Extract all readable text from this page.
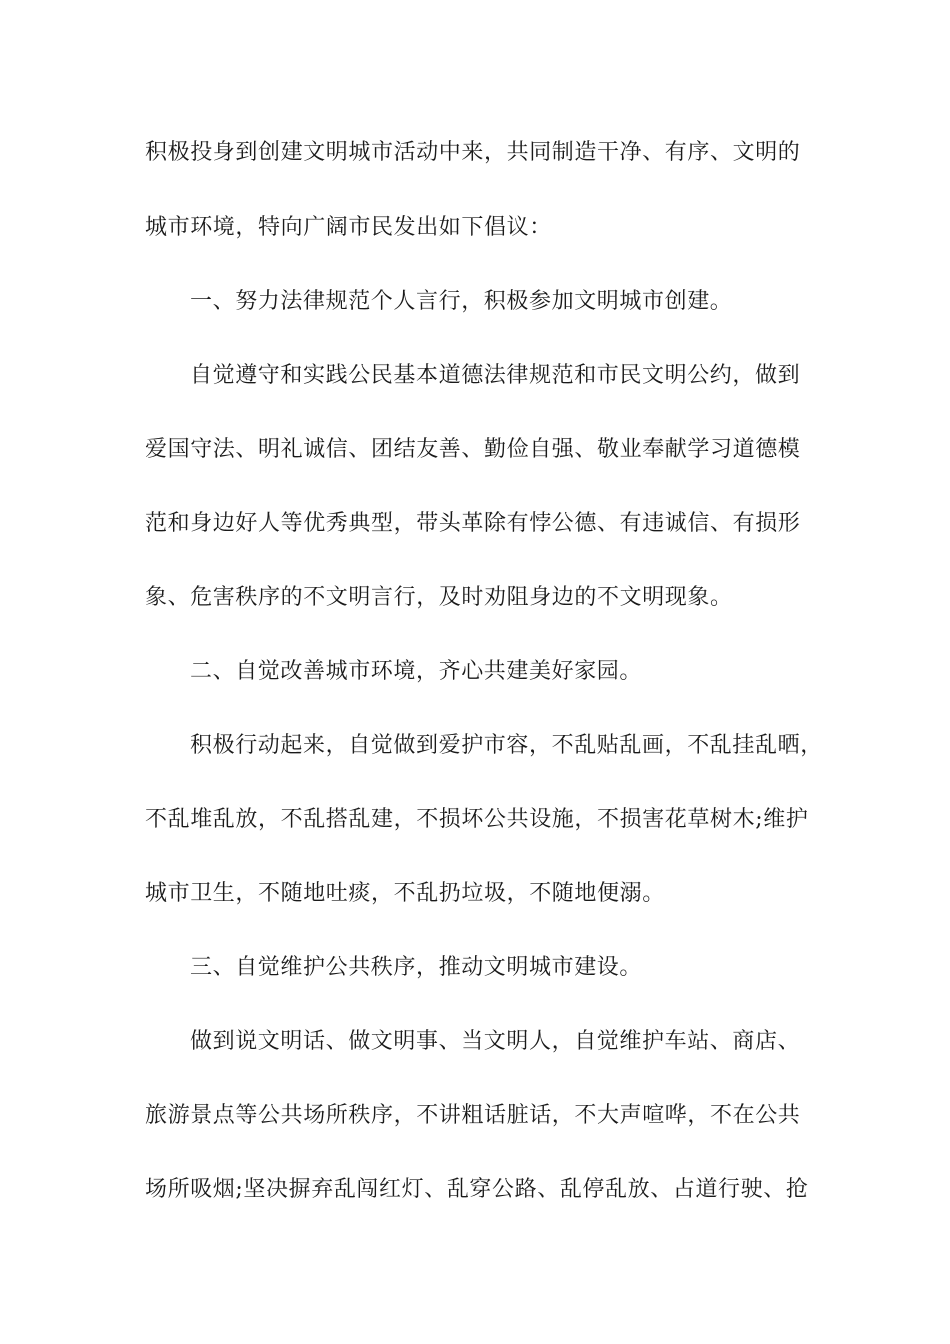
积极投身到创建文明城市活动中来，共同制造干净、有序、文明的
城市环境，特向广阔市民发出如下倡议：
一、努力法律规范个人言行，积极参加文明城市创建。
自觉遵守和实践公民基本道德法律规范和市民文明公约，做到
爱国守法、明礼诚信、团结友善、勤俭自强、敬业奉献学习道德模
范和身边好人等优秀典型，带头革除有悖公德、有违诚信、有损形
象、危害秩序的不文明言行，及时劝阻身边的不文明现象。
二、自觉改善城市环境，齐心共建美好家园。
积极行动起来，自觉做到爱护市容，不乱贴乱画，不乱挂乱晒，
不乱堆乱放，不乱搭乱建，不损坏公共设施，不损害花草树木;维护
城市卫生，不随地吐痰，不乱扔垃圾，不随地便溺。
三、自觉维护公共秩序，推动文明城市建设。
做到说文明话、做文明事、当文明人，自觉维护车站、商店、
旅游景点等公共场所秩序，不讲粗话脏话，不大声喧哗，不在公共
场所吸烟;坚决摒弃乱闯红灯、乱穿公路、乱停乱放、占道行驶、抢
